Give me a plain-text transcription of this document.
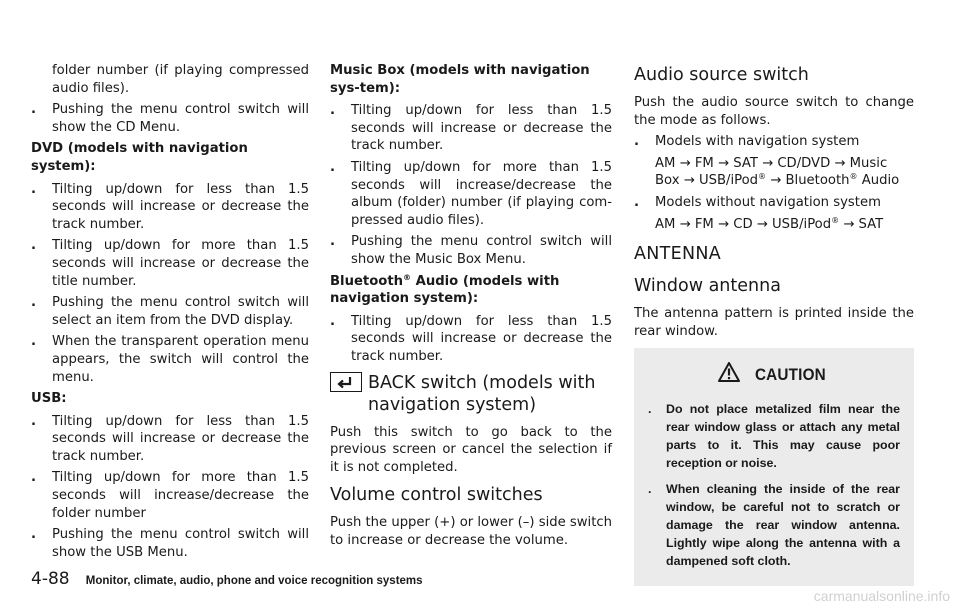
folder number (if playing compressed audio files).

. Pushing the menu control switch will show the CD Menu.
DVD (models with navigation system):
. Tilting up/down for less than 1.5 seconds will increase or decrease the track number.
. Tilting up/down for more than 1.5 seconds will increase or decrease the title number.
. Pushing the menu control switch will select an item from the DVD display.
. When the transparent operation menu appears, the switch will control the menu.
USB:
. Tilting up/down for less than 1.5 seconds will increase or decrease the track number.
. Tilting up/down for more than 1.5 seconds will increase/decrease the folder number
. Pushing the menu control switch will show the USB Menu.
Music Box (models with navigation sys-tem):
. Tilting up/down for less than 1.5 seconds will increase or decrease the track number.
. Tilting up/down for more than 1.5 seconds will increase/decrease the album (folder) number (if playing com-pressed audio files).
. Pushing the menu control switch will show the Music Box Menu.
Bluetooth® Audio (models with navigation system):
. Tilting up/down for less than 1.5 seconds will increase or decrease the track number.
BACK switch (models with navigation system)

Push this switch to go back to the previous screen or cancel the selection if it is not completed.

Volume control switches

Push the upper (+) or lower (–) side switch to increase or decrease the volume.

Audio source switch

Push the audio source switch to change the mode as follows.

. Models with navigation system
AM → FM → SAT → CD/DVD → Music
Box → USB/iPod® → Bluetooth® Audio
. Models without navigation system
AM → FM → CD → USB/iPod® → SAT
ANTENNA
Window antenna

The antenna pattern is printed inside the rear window.

CAUTION
. Do not place metalized film near the rear window glass or attach any metal parts to it. This may cause poor reception or noise.
. When cleaning the inside of the rear window, be careful not to scratch or damage the rear window antenna. Lightly wipe along the antenna with a dampened soft cloth.
4-88 Monitor, climate, audio, phone and voice recognition systems
carmanualsonline.info
